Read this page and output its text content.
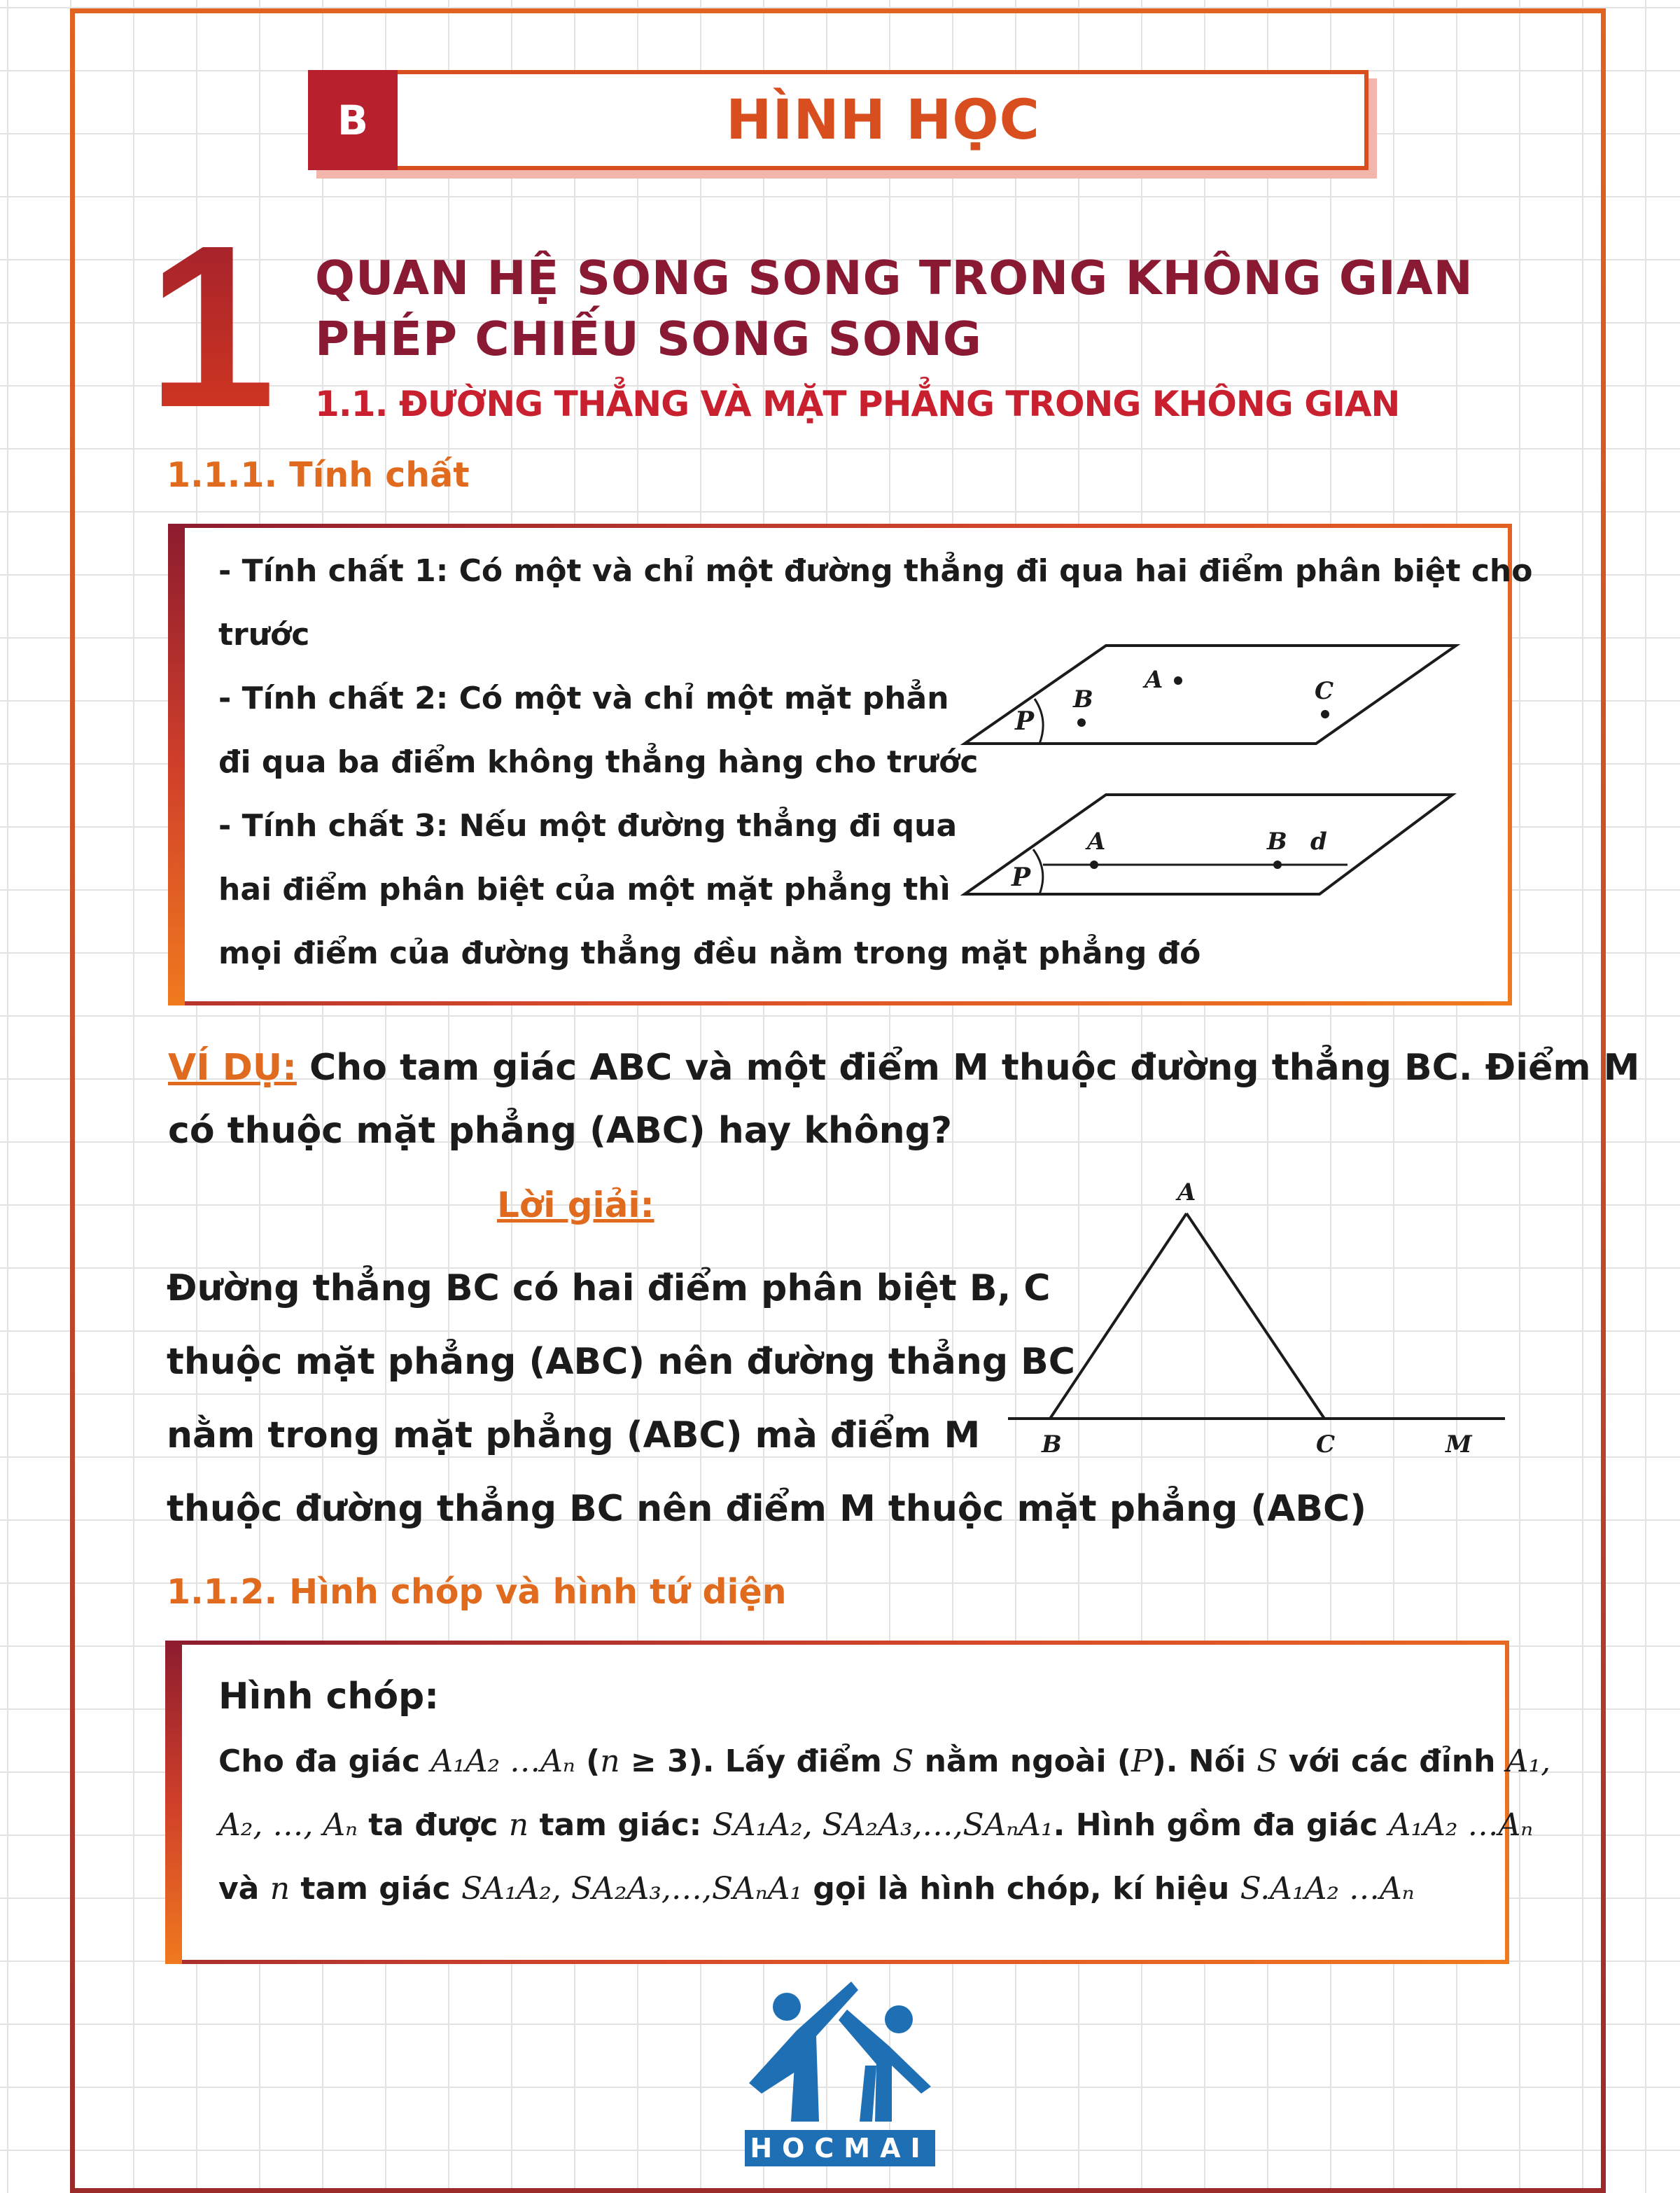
B	HÌNH HỌC
1 QUAN HỆ SONG SONG TRONG KHÔNG GIAN
PHÉP CHIẾU SONG SONG
1.1. ĐƯỜNG THẲNG VÀ MẶT PHẲNG TRONG KHÔNG GIAN
1.1.1. Tính chất
- Tính chất 1: Có một và chỉ một đường thẳng đi qua hai điểm phân biệt cho
trước
- Tính chất 2: Có một và chỉ một mặt phẳn
đi qua ba điểm không thẳng hàng cho trước
- Tính chất 3: Nếu một đường thẳng đi qua
hai điểm phân biệt của một mặt phẳng thì
mọi điểm của đường thẳng đều nằm trong mặt phẳng đó
P
B
A	C
P
A	B d
VÍ DỤ: Cho tam giác ABC và một điểm M thuộc đường thẳng BC. Điểm M
có thuộc mặt phẳng (ABC) hay không?
Lời giải:
Đường thẳng BC có hai điểm phân biệt B, C
thuộc mặt phẳng (ABC) nên đường thẳng BC
nằm trong mặt phẳng (ABC) mà điểm M
thuộc đường thẳng BC nên điểm M thuộc mặt phẳng (ABC)
A
B	C	M
1.1.2. Hình chóp và hình tứ diện
Hình chóp:
Cho đa giác A₁A₂ …Aₙ (n ≥ 3). Lấy điểm S nằm ngoài (P). Nối S với các đỉnh A₁,
A₂, …, Aₙ ta được n tam giác: SA₁A₂, SA₂A₃,…,SAₙA₁. Hình gồm đa giác A₁A₂ …Aₙ
và n tam giác SA₁A₂, SA₂A₃,…,SAₙA₁ gọi là hình chóp, kí hiệu S.A₁A₂ …Aₙ
HOCMAI
